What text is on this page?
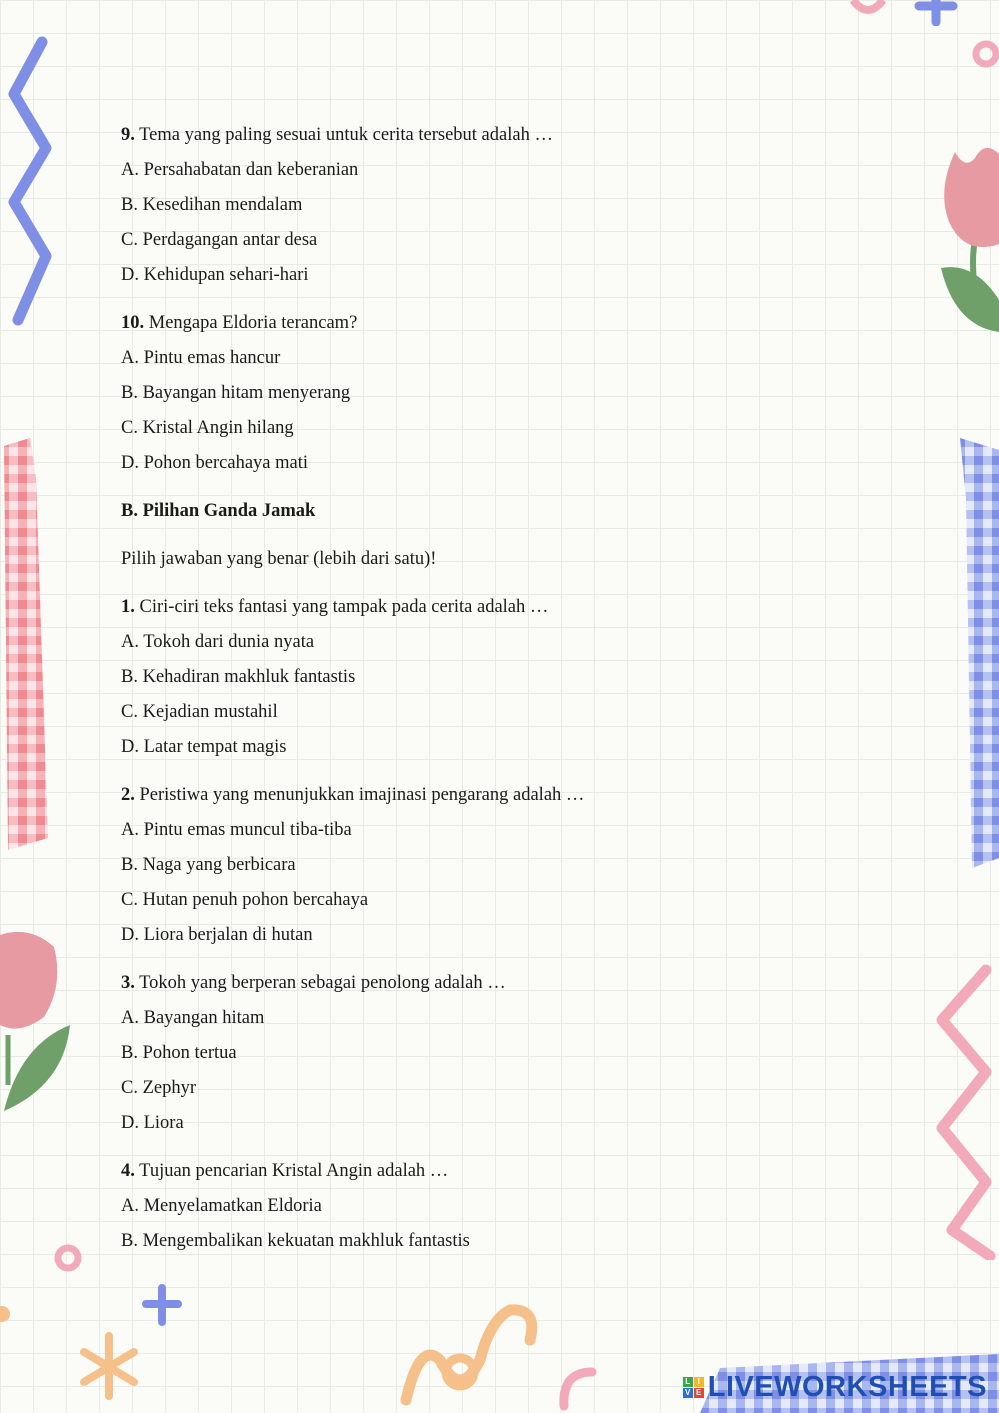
9. Tema yang paling sesuai untuk cerita tersebut adalah …

A. Persahabatan dan keberanian

B. Kesedihan mendalam

C. Perdagangan antar desa

D. Kehidupan sehari-hari

10. Mengapa Eldoria terancam?

A. Pintu emas hancur

B. Bayangan hitam menyerang

C. Kristal Angin hilang

D. Pohon bercahaya mati

B. Pilihan Ganda Jamak

Pilih jawaban yang benar (lebih dari satu)!

1. Ciri-ciri teks fantasi yang tampak pada cerita adalah …

A. Tokoh dari dunia nyata

B. Kehadiran makhluk fantastis

C. Kejadian mustahil

D. Latar tempat magis

2. Peristiwa yang menunjukkan imajinasi pengarang adalah …

A. Pintu emas muncul tiba-tiba

B. Naga yang berbicara

C. Hutan penuh pohon bercahaya

D. Liora berjalan di hutan

3. Tokoh yang berperan sebagai penolong adalah …

A. Bayangan hitam

B. Pohon tertua

C. Zephyr

D. Liora

4. Tujuan pencarian Kristal Angin adalah …

A. Menyelamatkan Eldoria

B. Mengembalikan kekuatan makhluk fantastis

L I
V E LIVEWORKSHEETS
